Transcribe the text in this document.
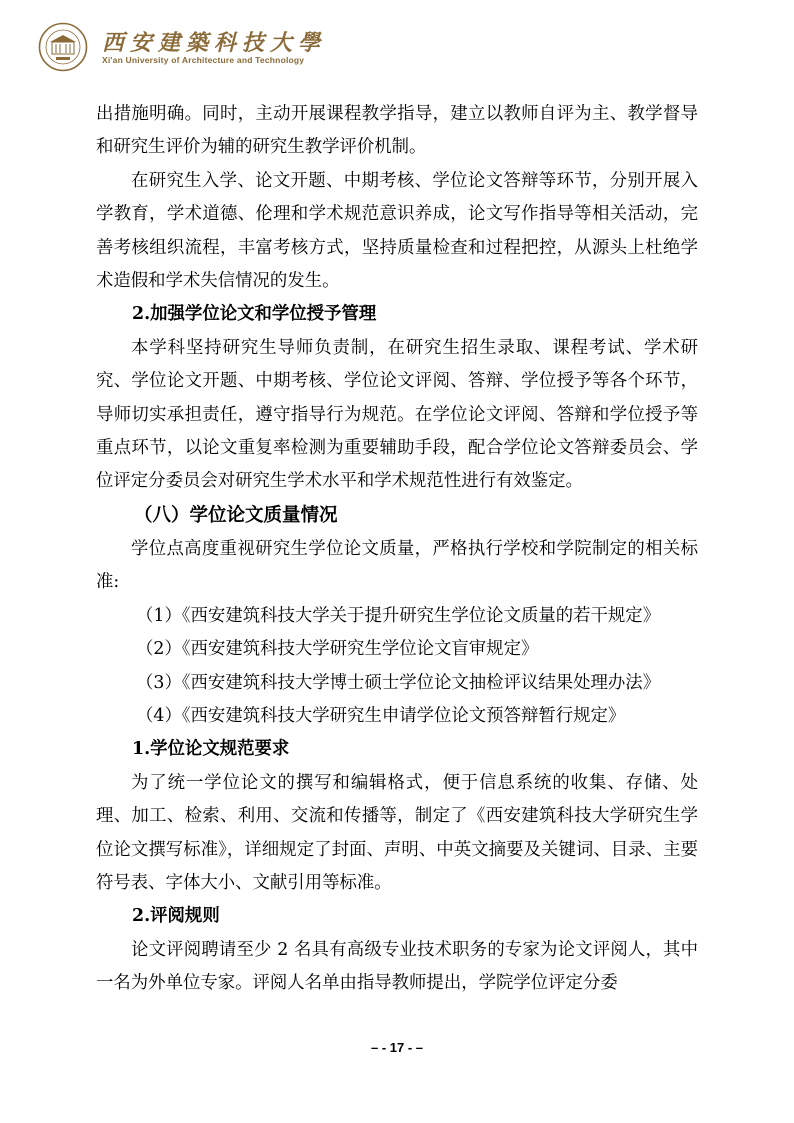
西安建築科技大學
Xi'an University of Architecture and Technology

出措施明确。同时，主动开展课程教学指导，建立以教师自评为主、教学督导和研究生评价为辅的研究生教学评价机制。

在研究生入学、论文开题、中期考核、学位论文答辩等环节，分别开展入学教育，学术道德、伦理和学术规范意识养成，论文写作指导等相关活动，完善考核组织流程，丰富考核方式，坚持质量检查和过程把控，从源头上杜绝学术造假和学术失信情况的发生。

2.加强学位论文和学位授予管理

本学科坚持研究生导师负责制，在研究生招生录取、课程考试、学术研究、学位论文开题、中期考核、学位论文评阅、答辩、学位授予等各个环节，导师切实承担责任，遵守指导行为规范。在学位论文评阅、答辩和学位授予等重点环节，以论文重复率检测为重要辅助手段，配合学位论文答辩委员会、学位评定分委员会对研究生学术水平和学术规范性进行有效鉴定。

（八）学位论文质量情况

学位点高度重视研究生学位论文质量，严格执行学校和学院制定的相关标准:

（1）《西安建筑科技大学关于提升研究生学位论文质量的若干规定》

（2）《西安建筑科技大学研究生学位论文盲审规定》

（3）《西安建筑科技大学博士硕士学位论文抽检评议结果处理办法》

（4）《西安建筑科技大学研究生申请学位论文预答辩暂行规定》

1.学位论文规范要求

为了统一学位论文的撰写和编辑格式，便于信息系统的收集、存储、处理、加工、检索、利用、交流和传播等，制定了《西安建筑科技大学研究生学位论文撰写标准》，详细规定了封面、声明、中英文摘要及关键词、目录、主要符号表、字体大小、文献引用等标准。

2.评阅规则

论文评阅聘请至少 2 名具有高级专业技术职务的专家为论文评阅人，其中一名为外单位专家。评阅人名单由指导教师提出，学院学位评定分委

– - 17 - –
